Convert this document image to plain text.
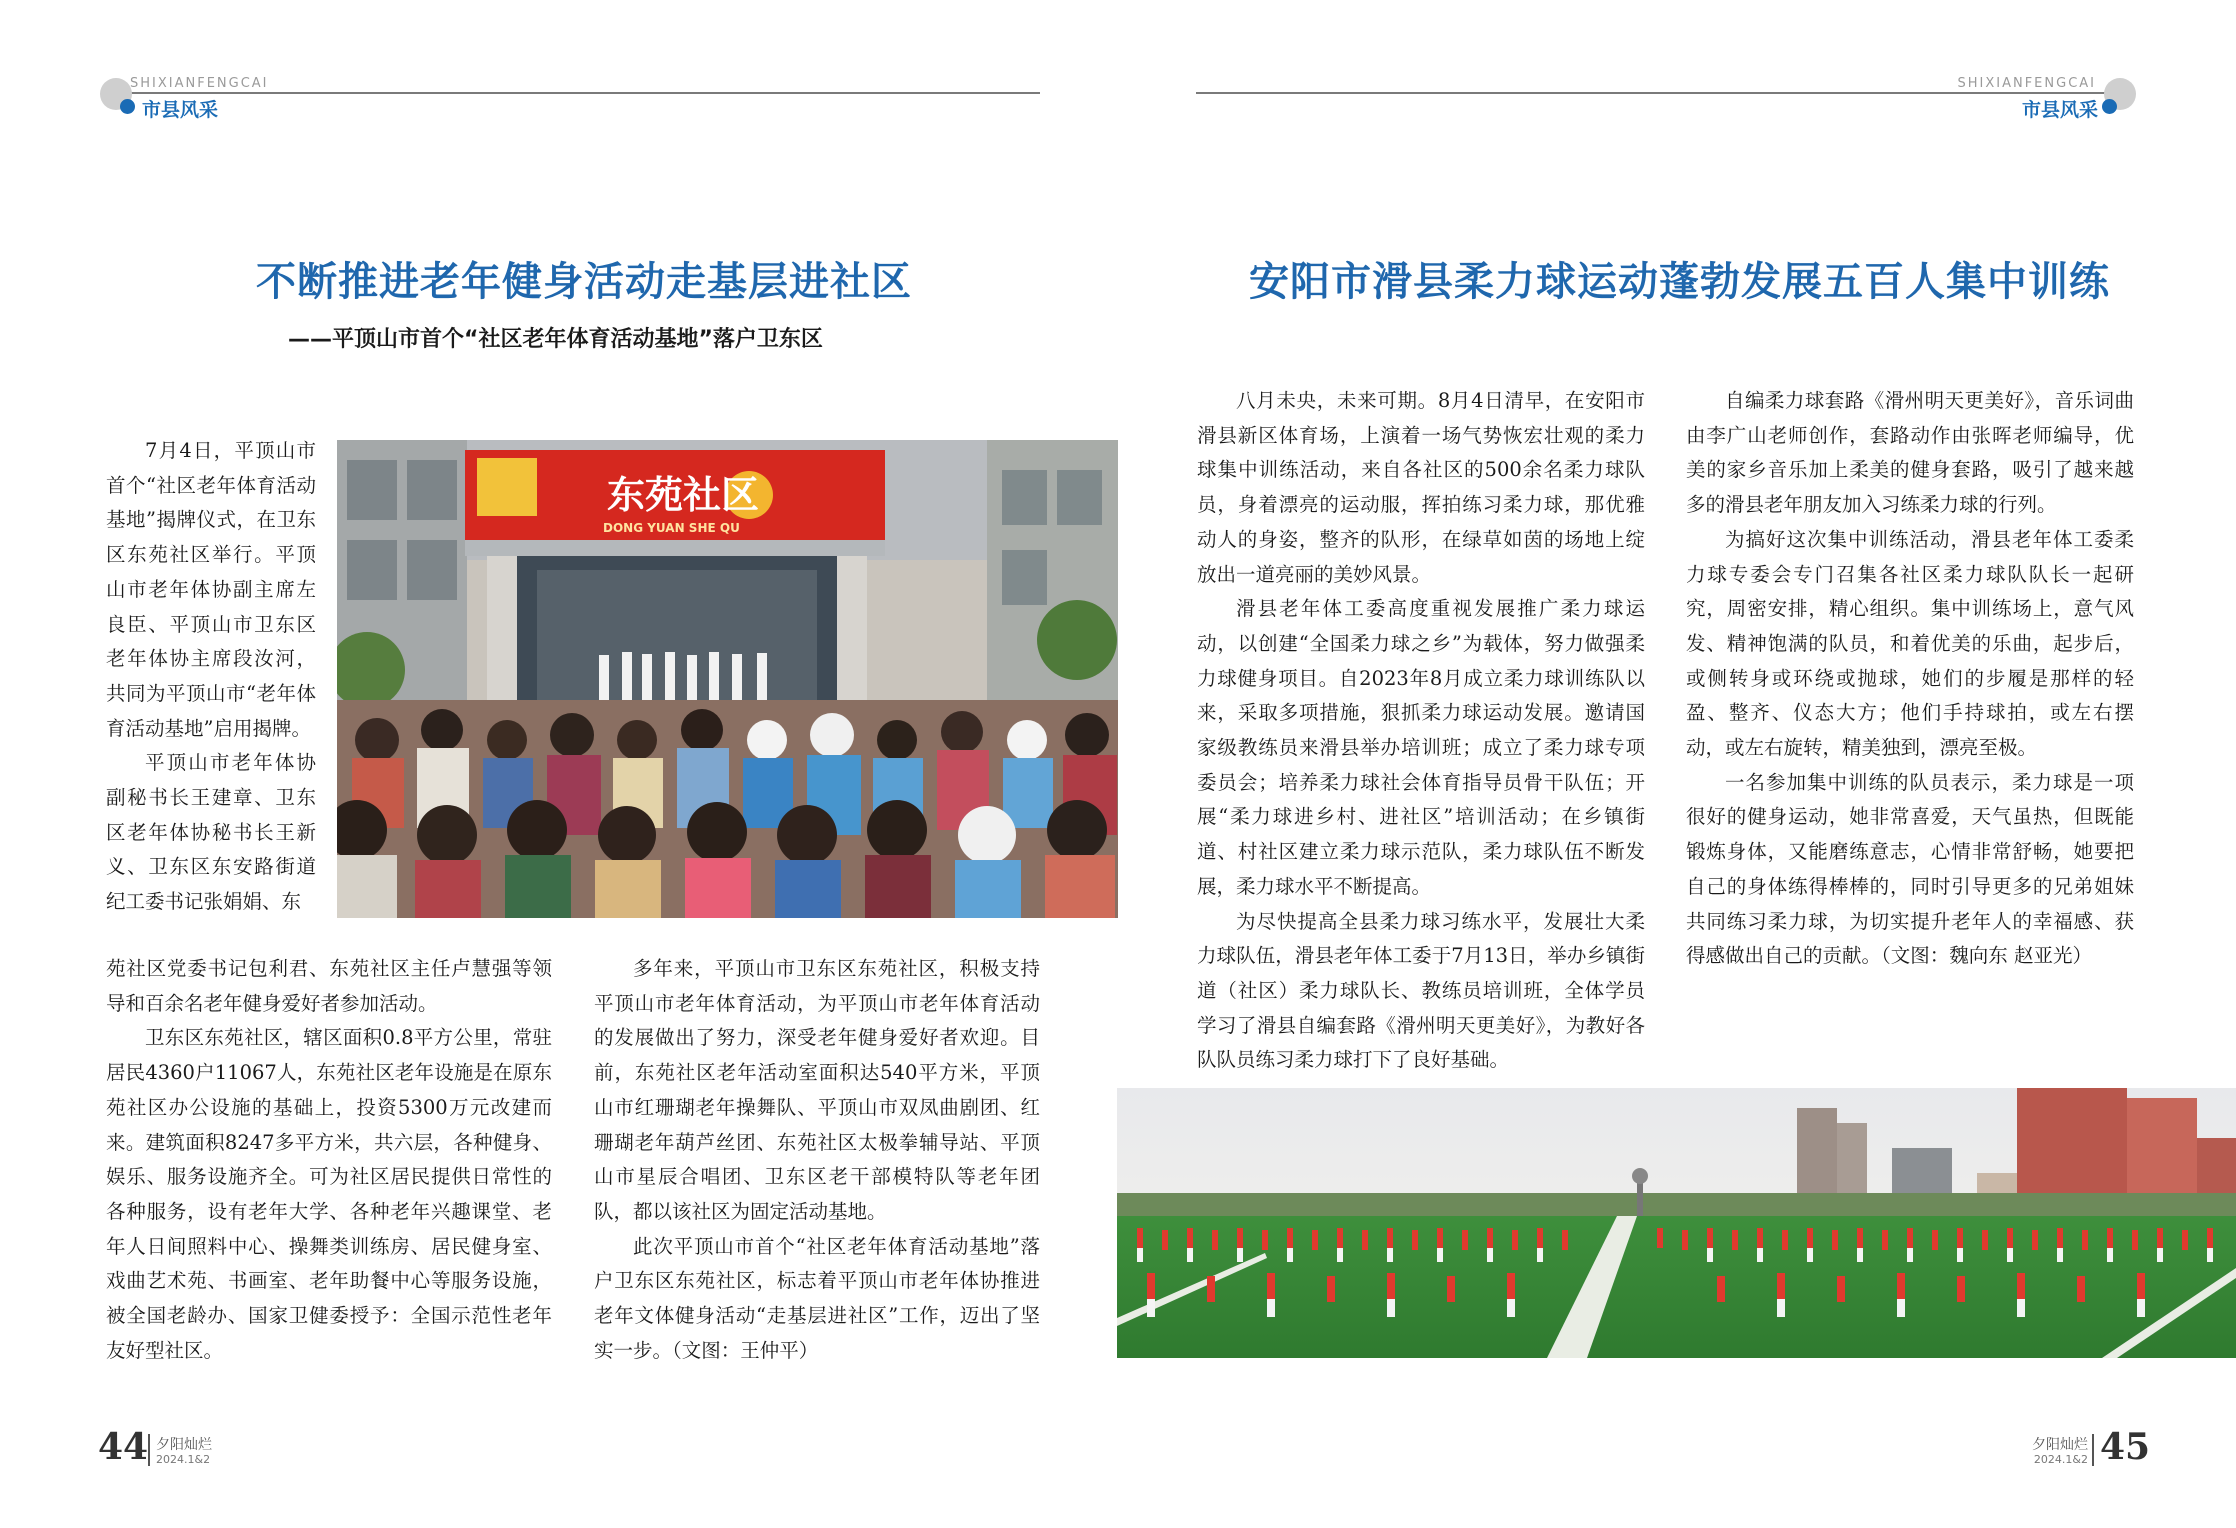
SHIXIANFENGCAI
市县风采
SHIXIANFENGCAI
市县风采
不断推进老年健身活动走基层进社区
——平顶山市首个“社区老年体育活动基地”落户卫东区

7月4日，平顶山市首个“社区老年体育活动基地”揭牌仪式，在卫东区东苑社区举行。平顶山市老年体协副主席左良臣、平顶山市卫东区老年体协主席段汝河，共同为平顶山市“老年体育活动基地”启用揭牌。

平顶山市老年体协副秘书长王建章、卫东区老年体协秘书长王新义、卫东区东安路街道纪工委书记张娟娟、东

东苑社区
DONG YUAN SHE QU

苑社区党委书记包利君、东苑社区主任卢慧强等领导和百余名老年健身爱好者参加活动。

卫东区东苑社区，辖区面积0.8平方公里，常驻居民4360户11067人，东苑社区老年设施是在原东苑社区办公设施的基础上，投资5300万元改建而来。建筑面积8247多平方米，共六层，各种健身、娱乐、服务设施齐全。可为社区居民提供日常性的各种服务，设有老年大学、各种老年兴趣课堂、老年人日间照料中心、操舞类训练房、居民健身室、戏曲艺术苑、书画室、老年助餐中心等服务设施，被全国老龄办、国家卫健委授予：全国示范性老年友好型社区。

多年来，平顶山市卫东区东苑社区，积极支持平顶山市老年体育活动，为平顶山市老年体育活动的发展做出了努力，深受老年健身爱好者欢迎。目前，东苑社区老年活动室面积达540平方米，平顶山市红珊瑚老年操舞队、平顶山市双凤曲剧团、红珊瑚老年葫芦丝团、东苑社区太极拳辅导站、平顶山市星辰合唱团、卫东区老干部模特队等老年团队，都以该社区为固定活动基地。

此次平顶山市首个“社区老年体育活动基地”落户卫东区东苑社区，标志着平顶山市老年体协推进老年文体健身活动“走基层进社区”工作，迈出了坚实一步。（文图：王仲平）

安阳市滑县柔力球运动蓬勃发展五百人集中训练

八月未央，未来可期。8月4日清早，在安阳市滑县新区体育场，上演着一场气势恢宏壮观的柔力球集中训练活动，来自各社区的500余名柔力球队员，身着漂亮的运动服，挥拍练习柔力球，那优雅动人的身姿，整齐的队形，在绿草如茵的场地上绽放出一道亮丽的美妙风景。

滑县老年体工委高度重视发展推广柔力球运动，以创建“全国柔力球之乡”为载体，努力做强柔力球健身项目。自2023年8月成立柔力球训练队以来，采取多项措施，狠抓柔力球运动发展。邀请国家级教练员来滑县举办培训班；成立了柔力球专项委员会；培养柔力球社会体育指导员骨干队伍；开展“柔力球进乡村、进社区”培训活动；在乡镇街道、村社区建立柔力球示范队，柔力球队伍不断发展，柔力球水平不断提高。

为尽快提高全县柔力球习练水平，发展壮大柔力球队伍，滑县老年体工委于7月13日，举办乡镇街道（社区）柔力球队长、教练员培训班，全体学员学习了滑县自编套路《滑州明天更美好》，为教好各队队员练习柔力球打下了良好基础。

自编柔力球套路《滑州明天更美好》，音乐词曲由李广山老师创作，套路动作由张晖老师编导，优美的家乡音乐加上柔美的健身套路，吸引了越来越多的滑县老年朋友加入习练柔力球的行列。

为搞好这次集中训练活动，滑县老年体工委柔力球专委会专门召集各社区柔力球队队长一起研究，周密安排，精心组织。集中训练场上，意气风发、精神饱满的队员，和着优美的乐曲，起步后，或侧转身或环绕或抛球，她们的步履是那样的轻盈、整齐、仪态大方；他们手持球拍，或左右摆动，或左右旋转，精美独到，漂亮至极。

一名参加集中训练的队员表示，柔力球是一项很好的健身运动，她非常喜爱，天气虽热，但既能锻炼身体，又能磨练意志，心情非常舒畅，她要把自己的身体练得棒棒的，同时引导更多的兄弟姐妹共同练习柔力球，为切实提升老年人的幸福感、获得感做出自己的贡献。（文图：魏向东 赵亚光）

44 夕阳灿烂
2024.1&2	45
夕阳灿烂
2024.1&2
